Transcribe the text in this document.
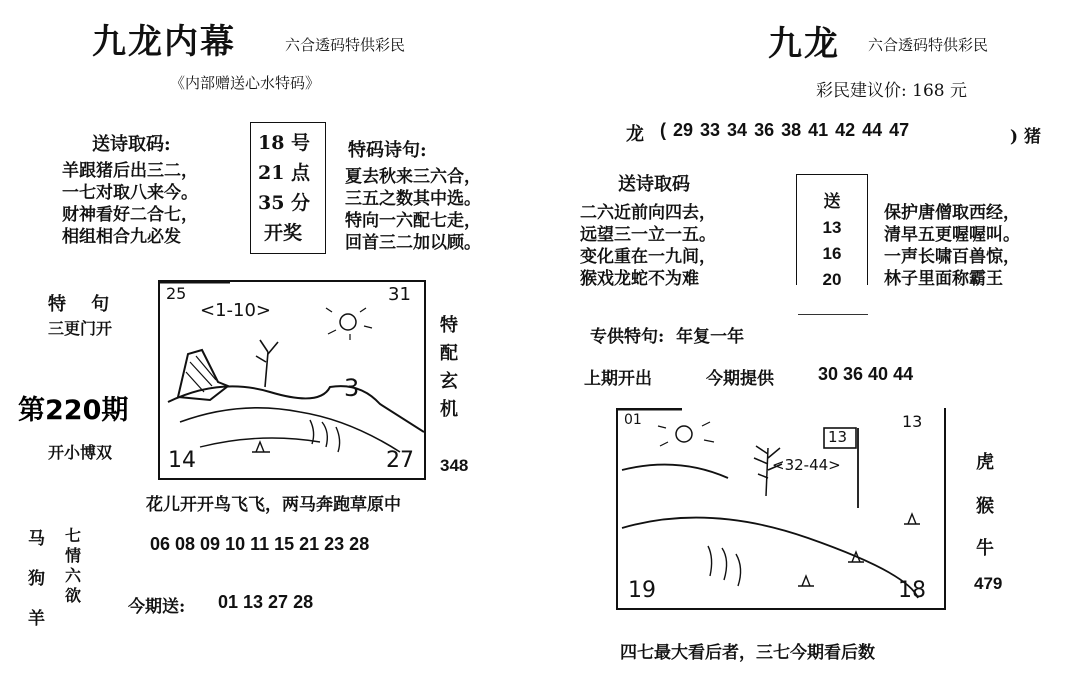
九龙内幕	六合透码特供彩民
《内部赠送心水特码》
送诗取码:
羊跟猪后出三二，
一七对取八来今。
财神看好二合七，
相组相合九必发
18 号
21 点
35 分
开奖
特码诗句:
夏去秋来三六合，
三五之数其中选。
特向一六配七走，
回首三二加以顾。
特    句
三更门开
第220期
开小博双
25	31
14	27
<1-10>
3
特配玄机
348
花儿开开鸟飞飞，两马奔跑草原中
马
狗
羊
七情六欲
06 08 09 10 11 15 21 23 28
今期送: 01 13 27 28
九龙 六合透码特供彩民
彩民建议价: 168 元
龙 ( 29 33 34 36 38 41 42 44 47	) 猪
送诗取码
二六近前向四去，
远望三一立一五。
变化重在一九间，
猴戏龙蛇不为难
送
13
16
20
保护唐僧取西经，
清早五更喔喔叫。
一声长啸百兽惊，
林子里面称霸王
专供特句:  年复一年
上期开出	今期提供 30 36 40 44
01	13
19	18
13
<32-44>	虎
猴
牛
479
四七最大看后者，三七今期看后数
